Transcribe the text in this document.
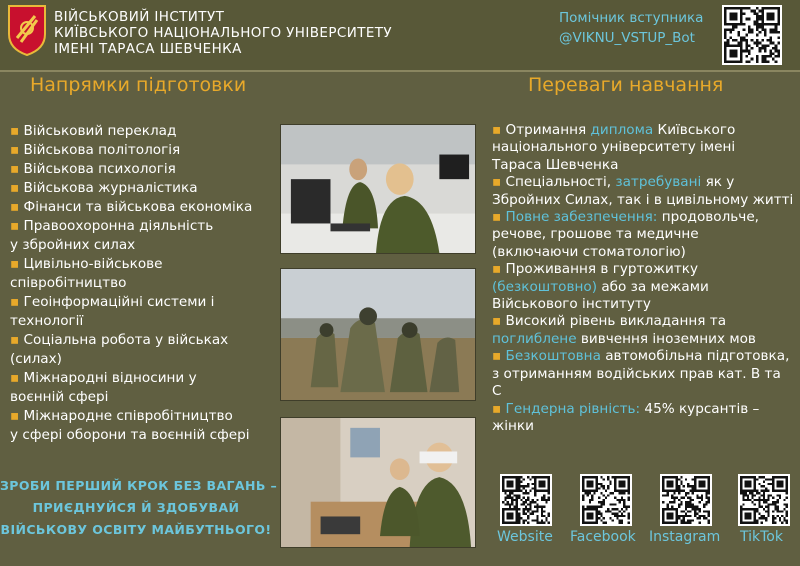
ВІЙСЬКОВИЙ ІНСТИТУТ
КИЇВСЬКОГО НАЦІОНАЛЬНОГО УНІВЕРСИТЕТУ
ІМЕНІ ТАРАСА ШЕВЧЕНКА
Помічник вступника
@VIKNU_VSTUP_Bot
Напрямки підготовки	Переваги навчання
▪ Військовий переклад
▪ Військова політологія
▪ Військова психологія
▪ Військова журналістика
▪ Фінанси та військова економіка
▪ Правоохоронна діяльність
у збройних силах
▪ Цивільно-військове
співробітництво
▪ Геоінформаційні системи і
технології
▪ Соціальна робота у військах
(силах)
▪ Міжнародні відносини у
воєнній сфері
▪ Міжнародне співробітництво
у сфері оборони та воєнній сфері
▪ Отримання диплома Київського
національного університету імені
Тараса Шевченка
▪ Спеціальності, затребувані як у
Збройних Силах, так і в цивільному житті
▪ Повне забезпечення: продовольче,
речове, грошове та медичне
(включаючи стоматологію)
▪ Проживання в гуртожитку
(безкоштовно) або за межами
Військового інституту
▪ Високий рівень викладання та
поглиблене вивчення іноземних мов
▪ Безкоштовна автомобільна підготовка,
з отриманням водійських прав кат. В та С
▪ Гендерна рівність: 45% курсантів –
жінки
ЗРОБИ ПЕРШИЙ КРОК БЕЗ ВАГАНЬ –
ПРИЄДНУЙСЯ Й ЗДОБУВАЙ
ВІЙСЬКОВУ ОСВІТУ МАЙБУТНЬОГО!	Website Facebook Instagram TikTok
